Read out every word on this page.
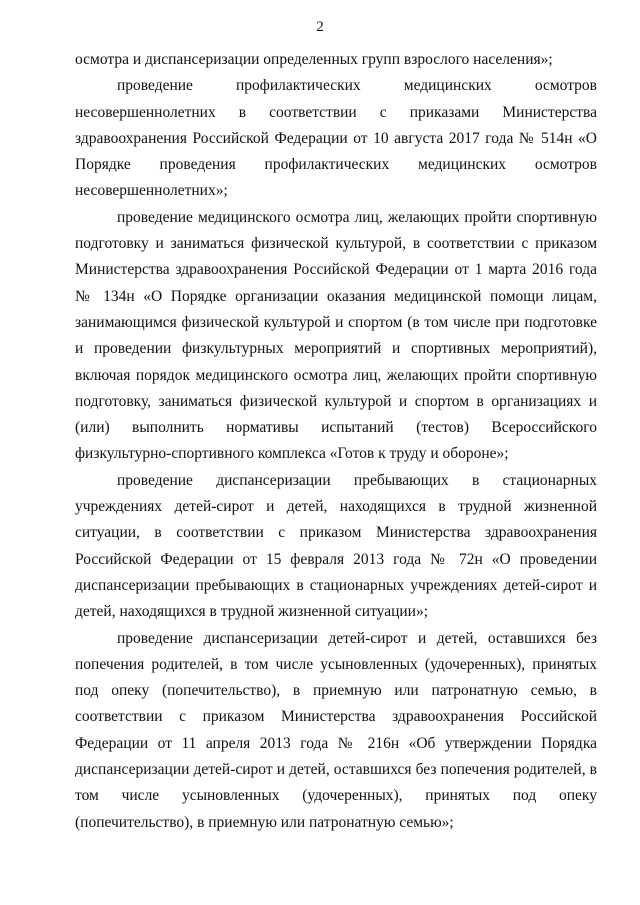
2

осмотра и диспансеризации определенных групп взрослого населения»;

проведение профилактических медицинских осмотров несовершеннолетних в соответствии с приказами Министерства здравоохранения Российской Федерации от 10 августа 2017 года № 514н «О Порядке проведения профилактических медицинских осмотров несовершеннолетних»;

проведение медицинского осмотра лиц, желающих пройти спортивную подготовку и заниматься физической культурой, в соответствии с приказом Министерства здравоохранения Российской Федерации от 1 марта 2016 года № 134н «О Порядке организации оказания медицинской помощи лицам, занимающимся физической культурой и спортом (в том числе при подготовке и проведении физкультурных мероприятий и спортивных мероприятий), включая порядок медицинского осмотра лиц, желающих пройти спортивную подготовку, заниматься физической культурой и спортом в организациях и (или) выполнить нормативы испытаний (тестов) Всероссийского физкультурно-спортивного комплекса «Готов к труду и обороне»;

проведение диспансеризации пребывающих в стационарных учреждениях детей-сирот и детей, находящихся в трудной жизненной ситуации, в соответствии с приказом Министерства здравоохранения Российской Федерации от 15 февраля 2013 года № 72н «О проведении диспансеризации пребывающих в стационарных учреждениях детей-сирот и детей, находящихся в трудной жизненной ситуации»;

проведение диспансеризации детей-сирот и детей, оставшихся без попечения родителей, в том числе усыновленных (удочеренных), принятых под опеку (попечительство), в приемную или патронатную семью, в соответствии с приказом Министерства здравоохранения Российской Федерации от 11 апреля 2013 года № 216н «Об утверждении Порядка диспансеризации детей-сирот и детей, оставшихся без попечения родителей, в том числе усыновленных (удочеренных), принятых под опеку (попечительство), в приемную или патронатную семью»;
